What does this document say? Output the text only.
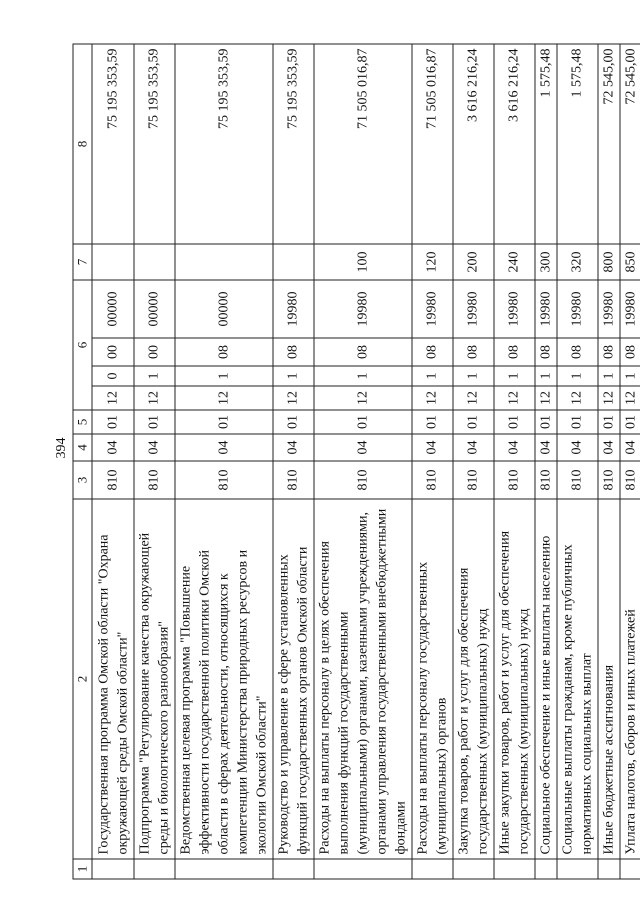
394
1	2	3	4	5	6				7	8
	Государственная программа Омской области "Охрана окружающей среды Омской области"	810	04	01	12	0	00	00000		75 195 353,59
	Подпрограмма "Регулирование качества окружающей среды и биологического разнообразия"	810	04	01	12	1	00	00000		75 195 353,59
	Ведомственная целевая программа "Повышение эффективности государственной политики Омской области в сферах деятельности, относящихся к компетенции Министерства природных ресурсов и экологии Омской области"	810	04	01	12	1	08	00000		75 195 353,59
	Руководство и управление в сфере установленных функций государственных органов Омской области	810	04	01	12	1	08	19980		75 195 353,59
	Расходы на выплаты персоналу в целях обеспечения выполнения функций государственными (муниципальными) органами, казенными учреждениями, органами управления государственными внебюджетными фондами	810	04	01	12	1	08	19980	100	71 505 016,87
	Расходы на выплаты персоналу государственных (муниципальных) органов	810	04	01	12	1	08	19980	120	71 505 016,87
	Закупка товаров, работ и услуг для обеспечения государственных (муниципальных) нужд	810	04	01	12	1	08	19980	200	3 616 216,24
	Иные закупки товаров, работ и услуг для обеспечения государственных (муниципальных) нужд	810	04	01	12	1	08	19980	240	3 616 216,24
	Социальное обеспечение и иные выплаты населению	810	04	01	12	1	08	19980	300	1 575,48
	Социальные выплаты гражданам, кроме публичных нормативных социальных выплат	810	04	01	12	1	08	19980	320	1 575,48
	Иные бюджетные ассигнования	810	04	01	12	1	08	19980	800	72 545,00
	Уплата налогов, сборов и иных платежей	810	04	01	12	1	08	19980	850	72 545,00
